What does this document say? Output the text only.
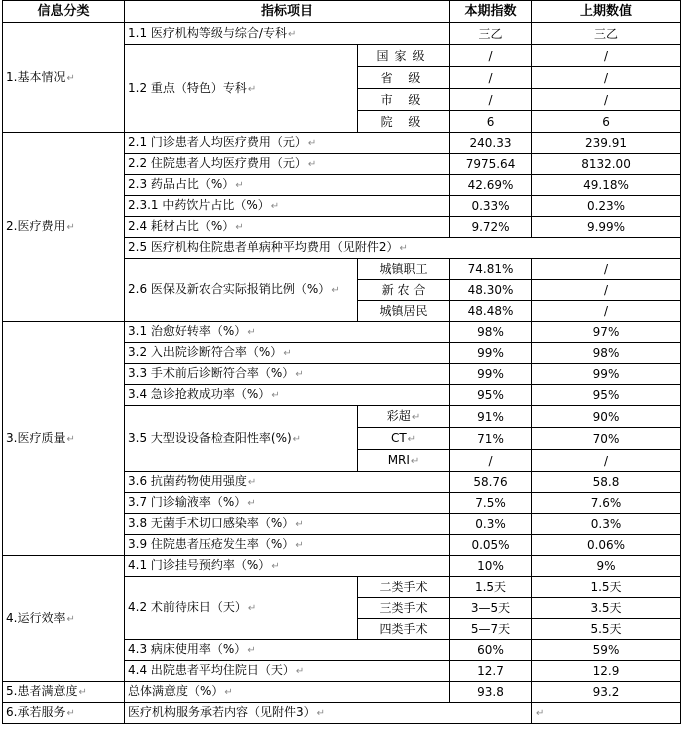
信息分类	指标项目		本期指数	上期数值
1.基本情况↵	1.1 医疗机构等级与综合/专科↵		三乙	三乙
	1.2 重点（特色）专科↵	国家级	/	/
		省 级	/	/
		市 级	/	/
		院 级	6	6
2.医疗费用↵	2.1 门诊患者人均医疗费用（元）↵		240.33	239.91
	2.2 住院患者人均医疗费用（元）↵		7975.64	8132.00
	2.3 药品占比（%）↵		42.69%	49.18%
	2.3.1 中药饮片占比（%）↵		0.33%	0.23%
	2.4 耗材占比（%）↵		9.72%	9.99%
	2.5 医疗机构住院患者单病种平均费用（见附件2）↵			
	2.6 医保及新农合实际报销比例（%）↵	城镇职工	74.81%	/
		新 农 合	48.30%	/
		城镇居民	48.48%	/
3.医疗质量↵	3.1 治愈好转率（%）↵		98%	97%
	3.2 入出院诊断符合率（%）↵		99%	98%
	3.3 手术前后诊断符合率（%）↵		99%	99%
	3.4 急诊抢救成功率（%）↵		95%	95%
	3.5 大型设设备检查阳性率(%)↵	彩超↵	91%	90%
		CT↵	71%	70%
		MRI↵	/	/
	3.6 抗菌药物使用强度↵		58.76	58.8
	3.7 门诊输液率（%）↵		7.5%	7.6%
	3.8 无菌手术切口感染率（%）↵		0.3%	0.3%
	3.9 住院患者压疮发生率（%）↵		0.05%	0.06%
4.运行效率↵	4.1 门诊挂号预约率（%）↵		10%	9%
	4.2 术前待床日（天）↵	二类手术	1.5天	1.5天
		三类手术	3—5天	3.5天
		四类手术	5—7天	5.5天
	4.3 病床使用率（%）↵		60%	59%
	4.4 出院患者平均住院日（天）↵		12.7	12.9
5.患者满意度↵	总体满意度（%）↵		93.8	93.2
6.承若服务↵	医疗机构服务承若内容（见附件3）↵			↵
